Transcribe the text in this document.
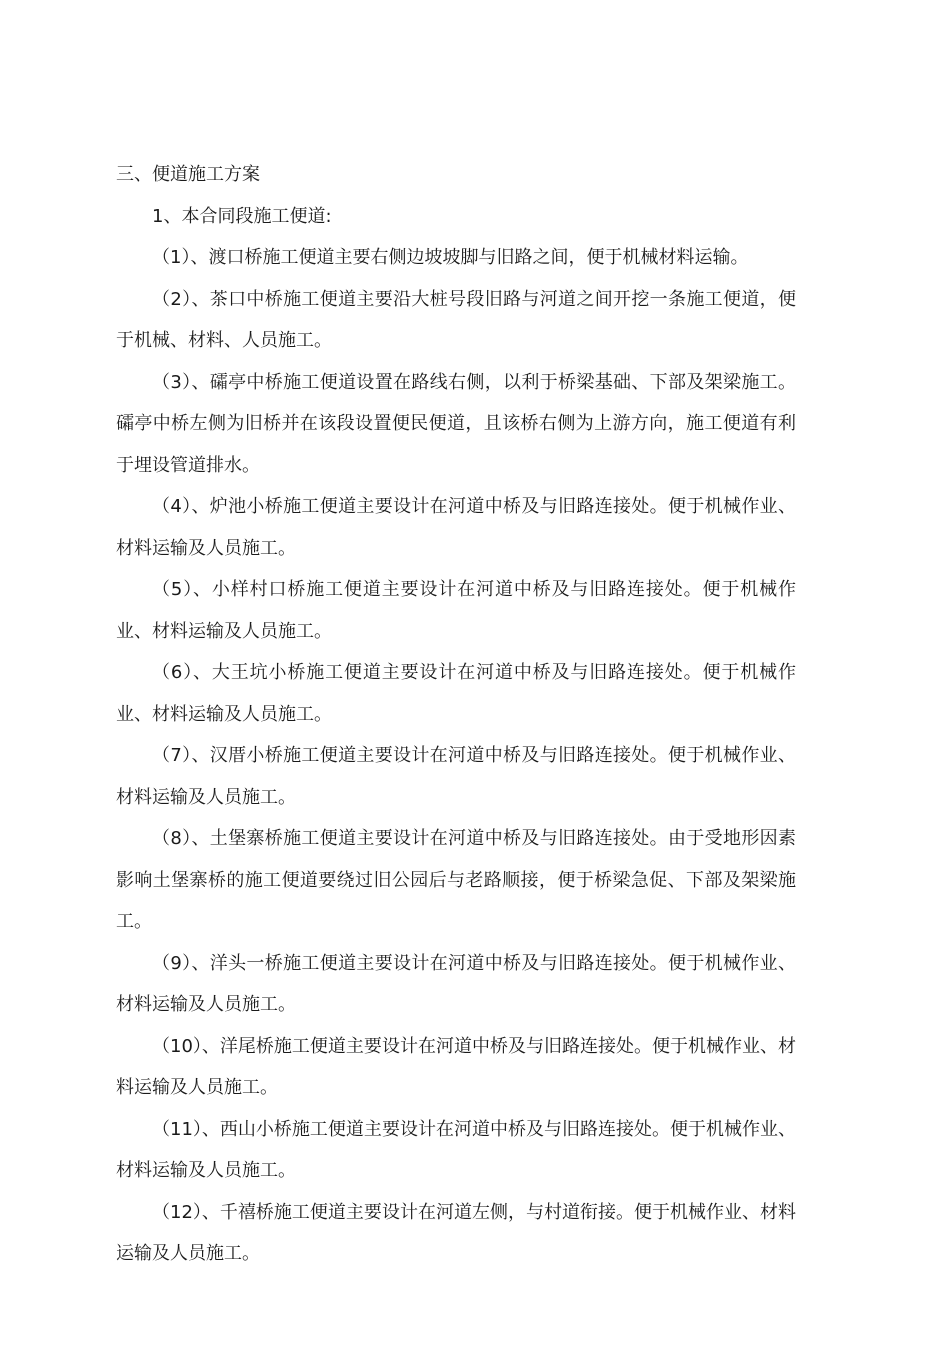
三、便道施工方案

1、本合同段施工便道:

（1）、渡口桥施工便道主要右侧边坡坡脚与旧路之间，便于机械材料运输。

（2）、茶口中桥施工便道主要沿大桩号段旧路与河道之间开挖一条施工便道，便于机械、材料、人员施工。

（3）、礵亭中桥施工便道设置在路线右侧，以利于桥梁基础、下部及架梁施工。礵亭中桥左侧为旧桥并在该段设置便民便道，且该桥右侧为上游方向，施工便道有利于埋设管道排水。

（4）、炉池小桥施工便道主要设计在河道中桥及与旧路连接处。便于机械作业、材料运输及人员施工。

（5）、小样村口桥施工便道主要设计在河道中桥及与旧路连接处。便于机械作业、材料运输及人员施工。

（6）、大王坑小桥施工便道主要设计在河道中桥及与旧路连接处。便于机械作业、材料运输及人员施工。

（7）、汉厝小桥施工便道主要设计在河道中桥及与旧路连接处。便于机械作业、材料运输及人员施工。

（8）、土堡寨桥施工便道主要设计在河道中桥及与旧路连接处。由于受地形因素影响土堡寨桥的施工便道要绕过旧公园后与老路顺接，便于桥梁急促、下部及架梁施工。

（9）、洋头一桥施工便道主要设计在河道中桥及与旧路连接处。便于机械作业、材料运输及人员施工。

（10）、洋尾桥施工便道主要设计在河道中桥及与旧路连接处。便于机械作业、材料运输及人员施工。

（11）、西山小桥施工便道主要设计在河道中桥及与旧路连接处。便于机械作业、材料运输及人员施工。

（12）、千禧桥施工便道主要设计在河道左侧，与村道衔接。便于机械作业、材料运输及人员施工。
